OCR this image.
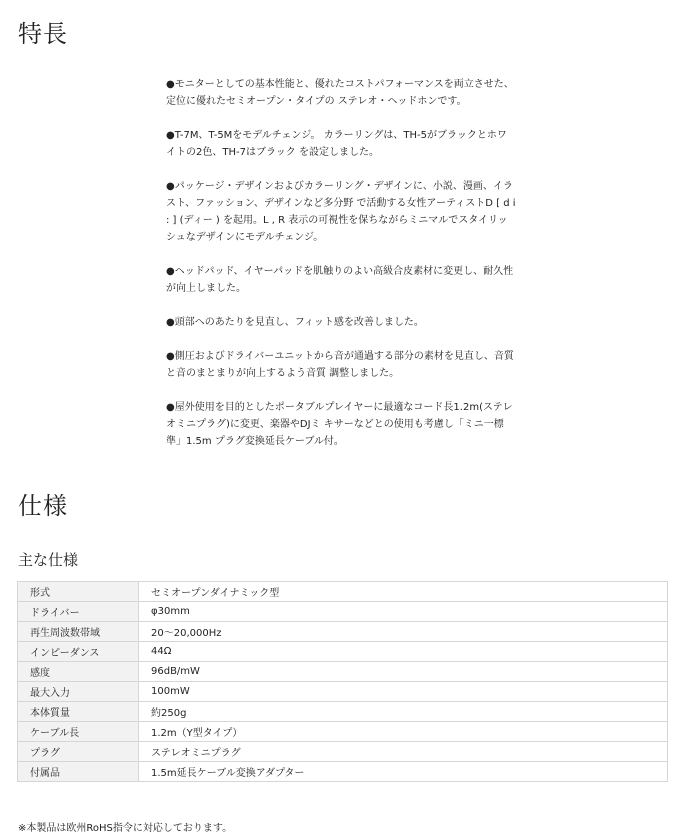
特長

●モニターとしての基本性能と、優れたコストパフォーマンスを両立させた、
定位に優れたセミオープン・タイプの ステレオ・ヘッドホンです。

●T-7M、T-5Mをモデルチェンジ。 カラーリングは、TH-5がブラックとホワ
イトの2色、TH-7はブラック を設定しました。

●パッケージ・デザインおよびカラーリング・デザインに、小説、漫画、イラ
スト、ファッション、デザインなど多分野 で活動する女性アーティストD [ d i
: ] (ディー ) を起用。L , R 表示の可視性を保ちながらミニマルでスタイリッ
シュなデザインにモデルチェンジ。

●ヘッドパッド、イヤーパッドを肌触りのよい高級合皮素材に変更し、耐久性
が向上しました。

●頭部へのあたりを見直し、フィット感を改善しました。

●側圧およびドライバーユニットから音が通過する部分の素材を見直し、音質
と音のまとまりが向上するよう音質 調整しました。

●屋外使用を目的としたポータブルプレイヤーに最適なコード長1.2m(ステレ
オミニプラグ)に変更、楽器やDJミ キサーなどとの使用も考慮し「ミニ一標
準」1.5m プラグ変換延長ケーブル付。

仕様
主な仕様
形式	セミオープンダイナミック型
ドライバー	φ30mm
再生周波数帯域	20～20,000Hz
インピーダンス	44Ω
感度	96dB/mW
最大入力	100mW
本体質量	約250g
ケーブル長	1.2m（Y型タイプ）
プラグ	ステレオミニプラグ
付属品	1.5m延長ケーブル変換アダプター
※本製品は欧州RoHS指令に対応しております。
